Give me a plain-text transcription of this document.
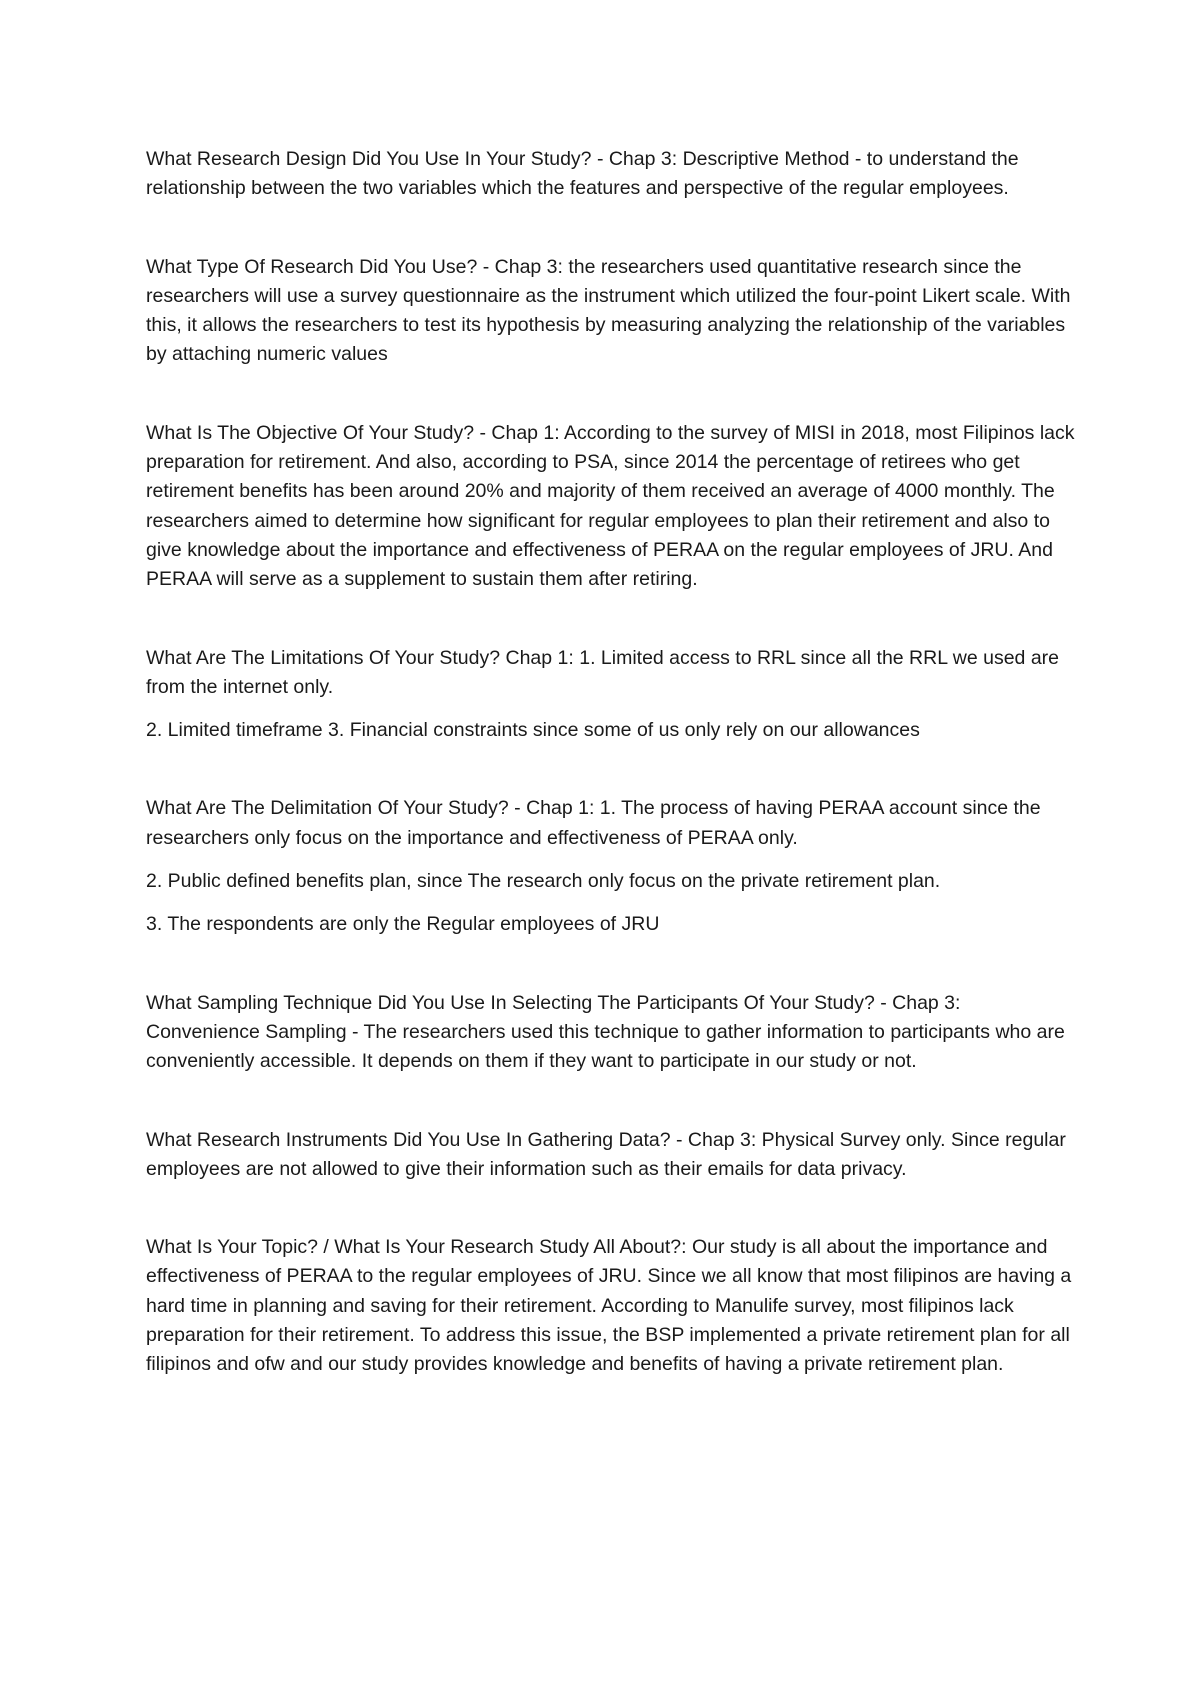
What Research Design Did You Use In Your Study? - Chap 3: Descriptive Method - to understand the relationship between the two variables which the features and perspective of the regular employees.

What Type Of Research Did You Use? - Chap 3: the researchers used quantitative research since the researchers will use a survey questionnaire as the instrument which utilized the four-point Likert scale. With this, it allows the researchers to test its hypothesis by measuring analyzing the relationship of the variables by attaching numeric values

What Is The Objective Of Your Study? - Chap 1: According to the survey of MISI in 2018, most Filipinos lack preparation for retirement. And also, according to PSA, since 2014 the percentage of retirees who get retirement benefits has been around 20% and majority of them received an average of 4000 monthly. The researchers aimed to determine how significant for regular employees to plan their retirement and also to give knowledge about the importance and effectiveness of PERAA on the regular employees of JRU. And PERAA will serve as a supplement to sustain them after retiring.

What Are The Limitations Of Your Study? Chap 1: 1. Limited access to RRL since all the RRL we used are from the internet only.

2. Limited timeframe 3. Financial constraints since some of us only rely on our allowances

What Are The Delimitation Of Your Study? - Chap 1: 1. The process of having PERAA account since the researchers only focus on the importance and effectiveness of PERAA only.

2. Public defined benefits plan, since The research only focus on the private retirement plan.

3. The respondents are only the Regular employees of JRU

What Sampling Technique Did You Use In Selecting The Participants Of Your Study? - Chap 3: Convenience Sampling - The researchers used this technique to gather information to participants who are conveniently accessible. It depends on them if they want to participate in our study or not.

What Research Instruments Did You Use In Gathering Data? - Chap 3: Physical Survey only. Since regular employees are not allowed to give their information such as their emails for data privacy.

What Is Your Topic? / What Is Your Research Study All About?: Our study is all about the importance and effectiveness of PERAA to the regular employees of JRU. Since we all know that most filipinos are having a hard time in planning and saving for their retirement. According to Manulife survey, most filipinos lack preparation for their retirement. To address this issue, the BSP implemented a private retirement plan for all filipinos and ofw and our study provides knowledge and benefits of having a private retirement plan.
